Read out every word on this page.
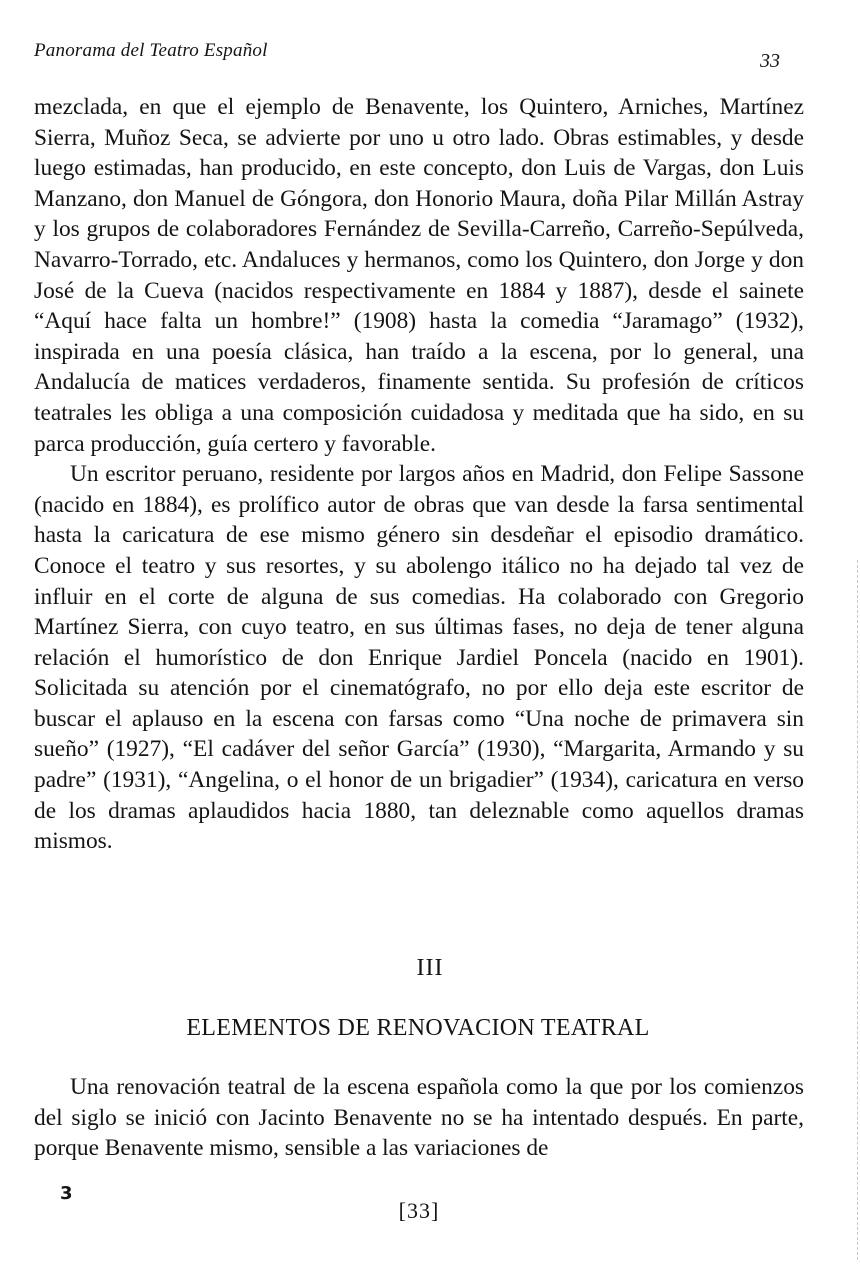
Panorama del Teatro Español	33

mezclada, en que el ejemplo de Benavente, los Quintero, Arniches, Martínez Sierra, Muñoz Seca, se advierte por uno u otro lado. Obras estimables, y desde luego estimadas, han producido, en este concepto, don Luis de Vargas, don Luis Manzano, don Manuel de Góngora, don Honorio Maura, doña Pilar Millán Astray y los grupos de colaboradores Fernández de Sevilla-Carreño, Carreño-Sepúlveda, Navarro-Torrado, etc. Andaluces y hermanos, como los Quintero, don Jorge y don José de la Cueva (nacidos respectivamente en 1884 y 1887), desde el sainete “Aquí hace falta un hombre!” (1908) hasta la comedia “Jaramago” (1932), inspirada en una poesía clásica, han traído a la escena, por lo general, una Andalucía de matices verdaderos, finamente sentida. Su profesión de críticos teatrales les obliga a una composición cuidadosa y meditada que ha sido, en su parca producción, guía certero y favorable.

Un escritor peruano, residente por largos años en Madrid, don Felipe Sassone (nacido en 1884), es prolífico autor de obras que van desde la farsa sentimental hasta la caricatura de ese mismo género sin desdeñar el episodio dramático. Conoce el teatro y sus resortes, y su abolengo itálico no ha dejado tal vez de influir en el corte de alguna de sus comedias. Ha colaborado con Gregorio Martínez Sierra, con cuyo teatro, en sus últimas fases, no deja de tener alguna relación el humorístico de don Enrique Jardiel Poncela (nacido en 1901). Solicitada su atención por el cinematógrafo, no por ello deja este escritor de buscar el aplauso en la escena con farsas como “Una noche de primavera sin sueño” (1927), “El cadáver del señor García” (1930), “Margarita, Armando y su padre” (1931), “Angelina, o el honor de un brigadier” (1934), caricatura en verso de los dramas aplaudidos hacia 1880, tan deleznable como aquellos dramas mismos.

III
ELEMENTOS DE RENOVACION TEATRAL

Una renovación teatral de la escena española como la que por los comienzos del siglo se inició con Jacinto Benavente no se ha intentado después. En parte, porque Benavente mismo, sensible a las variaciones de

3
[33]
